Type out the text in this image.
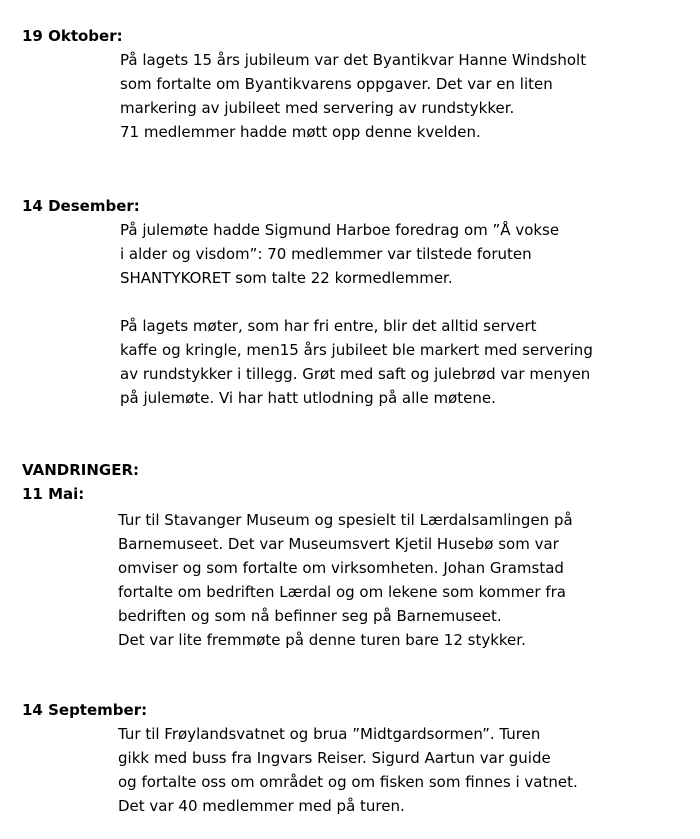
19 Oktober:
På lagets 15 års jubileum var det Byantikvar Hanne Windsholt
som fortalte om Byantikvarens oppgaver. Det var en liten
markering av jubileet med servering av rundstykker.
71 medlemmer hadde møtt opp denne kvelden.
14 Desember:
På julemøte hadde Sigmund Harboe foredrag om ”Å vokse
i alder og visdom”: 70 medlemmer var tilstede foruten
SHANTYKORET som talte 22 kormedlemmer.
På lagets møter, som har fri entre, blir det alltid servert
kaffe og kringle, men15 års jubileet ble markert med servering
av rundstykker i tillegg. Grøt med saft og julebrød var menyen
på julemøte. Vi har hatt utlodning på alle møtene.
VANDRINGER:
11 Mai:
Tur til Stavanger Museum og spesielt til Lærdalsamlingen på
Barnemuseet. Det var Museumsvert Kjetil Husebø som var
omviser og som fortalte om virksomheten. Johan Gramstad
fortalte om bedriften Lærdal og om lekene som kommer fra
bedriften og som nå befinner seg på Barnemuseet.
Det var lite fremmøte på denne turen bare 12 stykker.
14 September:
Tur til Frøylandsvatnet og brua ”Midtgardsormen”. Turen
gikk med buss fra Ingvars Reiser. Sigurd Aartun var guide
og fortalte oss om området og om fisken som finnes i vatnet.
Det var 40 medlemmer med på turen.
